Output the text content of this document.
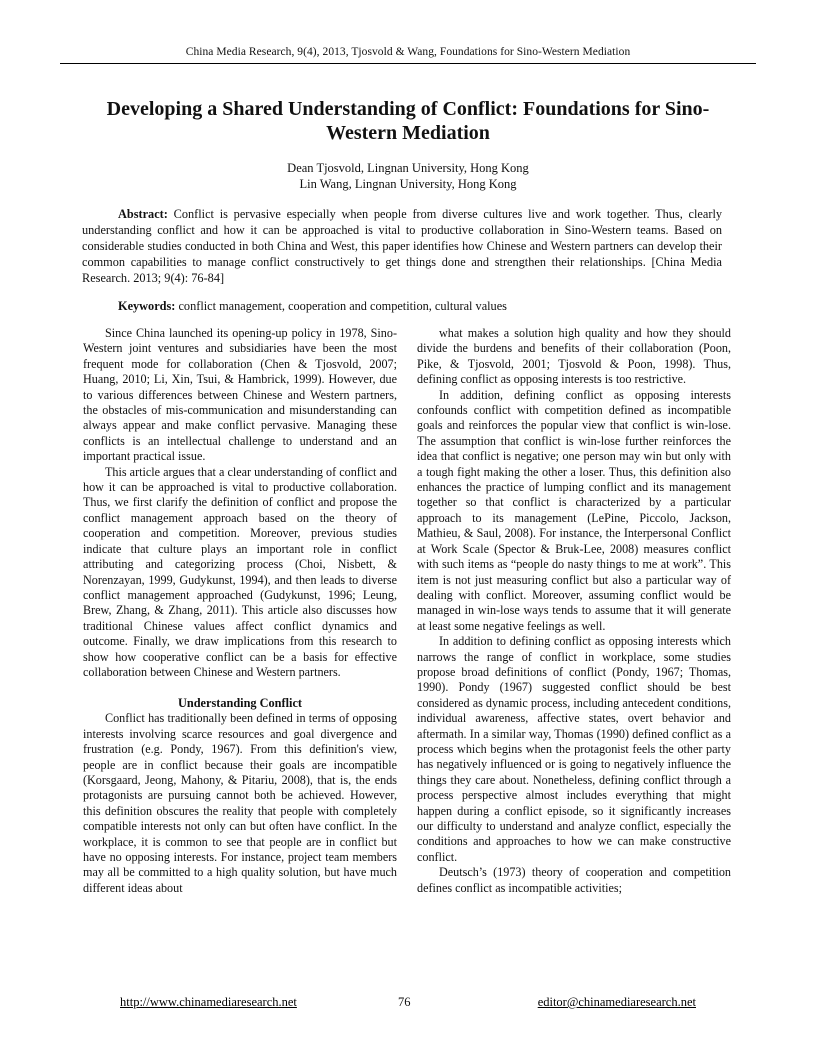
China Media Research, 9(4), 2013, Tjosvold & Wang, Foundations for Sino-Western Mediation
Developing a Shared Understanding of Conflict: Foundations for Sino-Western Mediation
Dean Tjosvold, Lingnan University, Hong Kong
Lin Wang, Lingnan University, Hong Kong

Abstract: Conflict is pervasive especially when people from diverse cultures live and work together. Thus, clearly understanding conflict and how it can be approached is vital to productive collaboration in Sino-Western teams. Based on considerable studies conducted in both China and West, this paper identifies how Chinese and Western partners can develop their common capabilities to manage conflict constructively to get things done and strengthen their relationships. [China Media Research. 2013; 9(4): 76-84]

Keywords: conflict management, cooperation and competition, cultural values

Since China launched its opening-up policy in 1978, Sino-Western joint ventures and subsidiaries have been the most frequent mode for collaboration (Chen & Tjosvold, 2007; Huang, 2010; Li, Xin, Tsui, & Hambrick, 1999). However, due to various differences between Chinese and Western partners, the obstacles of mis-communication and misunderstanding can always appear and make conflict pervasive. Managing these conflicts is an intellectual challenge to understand and an important practical issue.

This article argues that a clear understanding of conflict and how it can be approached is vital to productive collaboration. Thus, we first clarify the definition of conflict and propose the conflict management approach based on the theory of cooperation and competition. Moreover, previous studies indicate that culture plays an important role in conflict attributing and categorizing process (Choi, Nisbett, & Norenzayan, 1999, Gudykunst, 1994), and then leads to diverse conflict management approached (Gudykunst, 1996; Leung, Brew, Zhang, & Zhang, 2011). This article also discusses how traditional Chinese values affect conflict dynamics and outcome. Finally, we draw implications from this research to show how cooperative conflict can be a basis for effective collaboration between Chinese and Western partners.

Understanding Conflict

Conflict has traditionally been defined in terms of opposing interests involving scarce resources and goal divergence and frustration (e.g. Pondy, 1967). From this definition's view, people are in conflict because their goals are incompatible (Korsgaard, Jeong, Mahony, & Pitariu, 2008), that is, the ends protagonists are pursuing cannot both be achieved. However, this definition obscures the reality that people with completely compatible interests not only can but often have conflict. In the workplace, it is common to see that people are in conflict but have no opposing interests. For instance, project team members may all be committed to a high quality solution, but have much different ideas about

what makes a solution high quality and how they should divide the burdens and benefits of their collaboration (Poon, Pike, & Tjosvold, 2001; Tjosvold & Poon, 1998). Thus, defining conflict as opposing interests is too restrictive.

In addition, defining conflict as opposing interests confounds conflict with competition defined as incompatible goals and reinforces the popular view that conflict is win-lose. The assumption that conflict is win-lose further reinforces the idea that conflict is negative; one person may win but only with a tough fight making the other a loser. Thus, this definition also enhances the practice of lumping conflict and its management together so that conflict is characterized by a particular approach to its management (LePine, Piccolo, Jackson, Mathieu, & Saul, 2008). For instance, the Interpersonal Conflict at Work Scale (Spector & Bruk-Lee, 2008) measures conflict with such items as “people do nasty things to me at work”. This item is not just measuring conflict but also a particular way of dealing with conflict. Moreover, assuming conflict would be managed in win-lose ways tends to assume that it will generate at least some negative feelings as well.

In addition to defining conflict as opposing interests which narrows the range of conflict in workplace, some studies propose broad definitions of conflict (Pondy, 1967; Thomas, 1990). Pondy (1967) suggested conflict should be best considered as dynamic process, including antecedent conditions, individual awareness, affective states, overt behavior and aftermath. In a similar way, Thomas (1990) defined conflict as a process which begins when the protagonist feels the other party has negatively influenced or is going to negatively influence the things they care about. Nonetheless, defining conflict through a process perspective almost includes everything that might happen during a conflict episode, so it significantly increases our difficulty to understand and analyze conflict, especially the conditions and approaches to how we can make constructive conflict.

Deutsch’s (1973) theory of cooperation and competition defines conflict as incompatible activities;

http://www.chinamediaresearch.net	76	editor@chinamediaresearch.net
